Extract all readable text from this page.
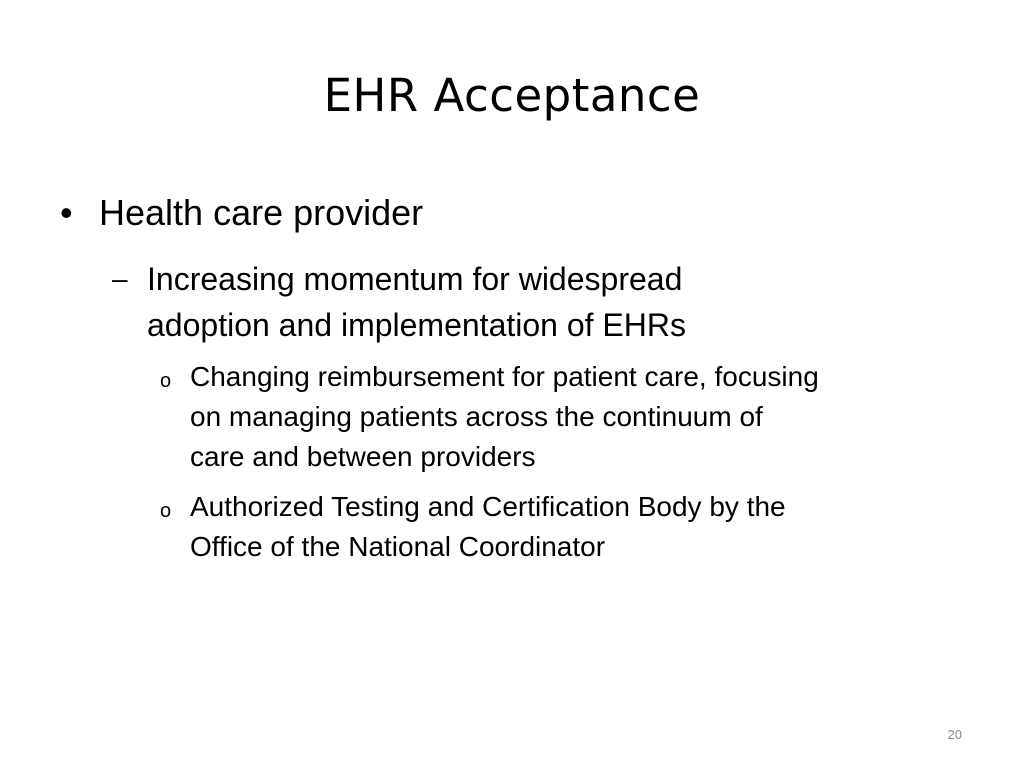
EHR Acceptance
• Health care provider
– Increasing momentum for widespread
adoption and implementation of EHRs
o Changing reimbursement for patient care, focusing
on managing patients across the continuum of
care and between providers
o Authorized Testing and Certification Body by the
Office of the National Coordinator
20
